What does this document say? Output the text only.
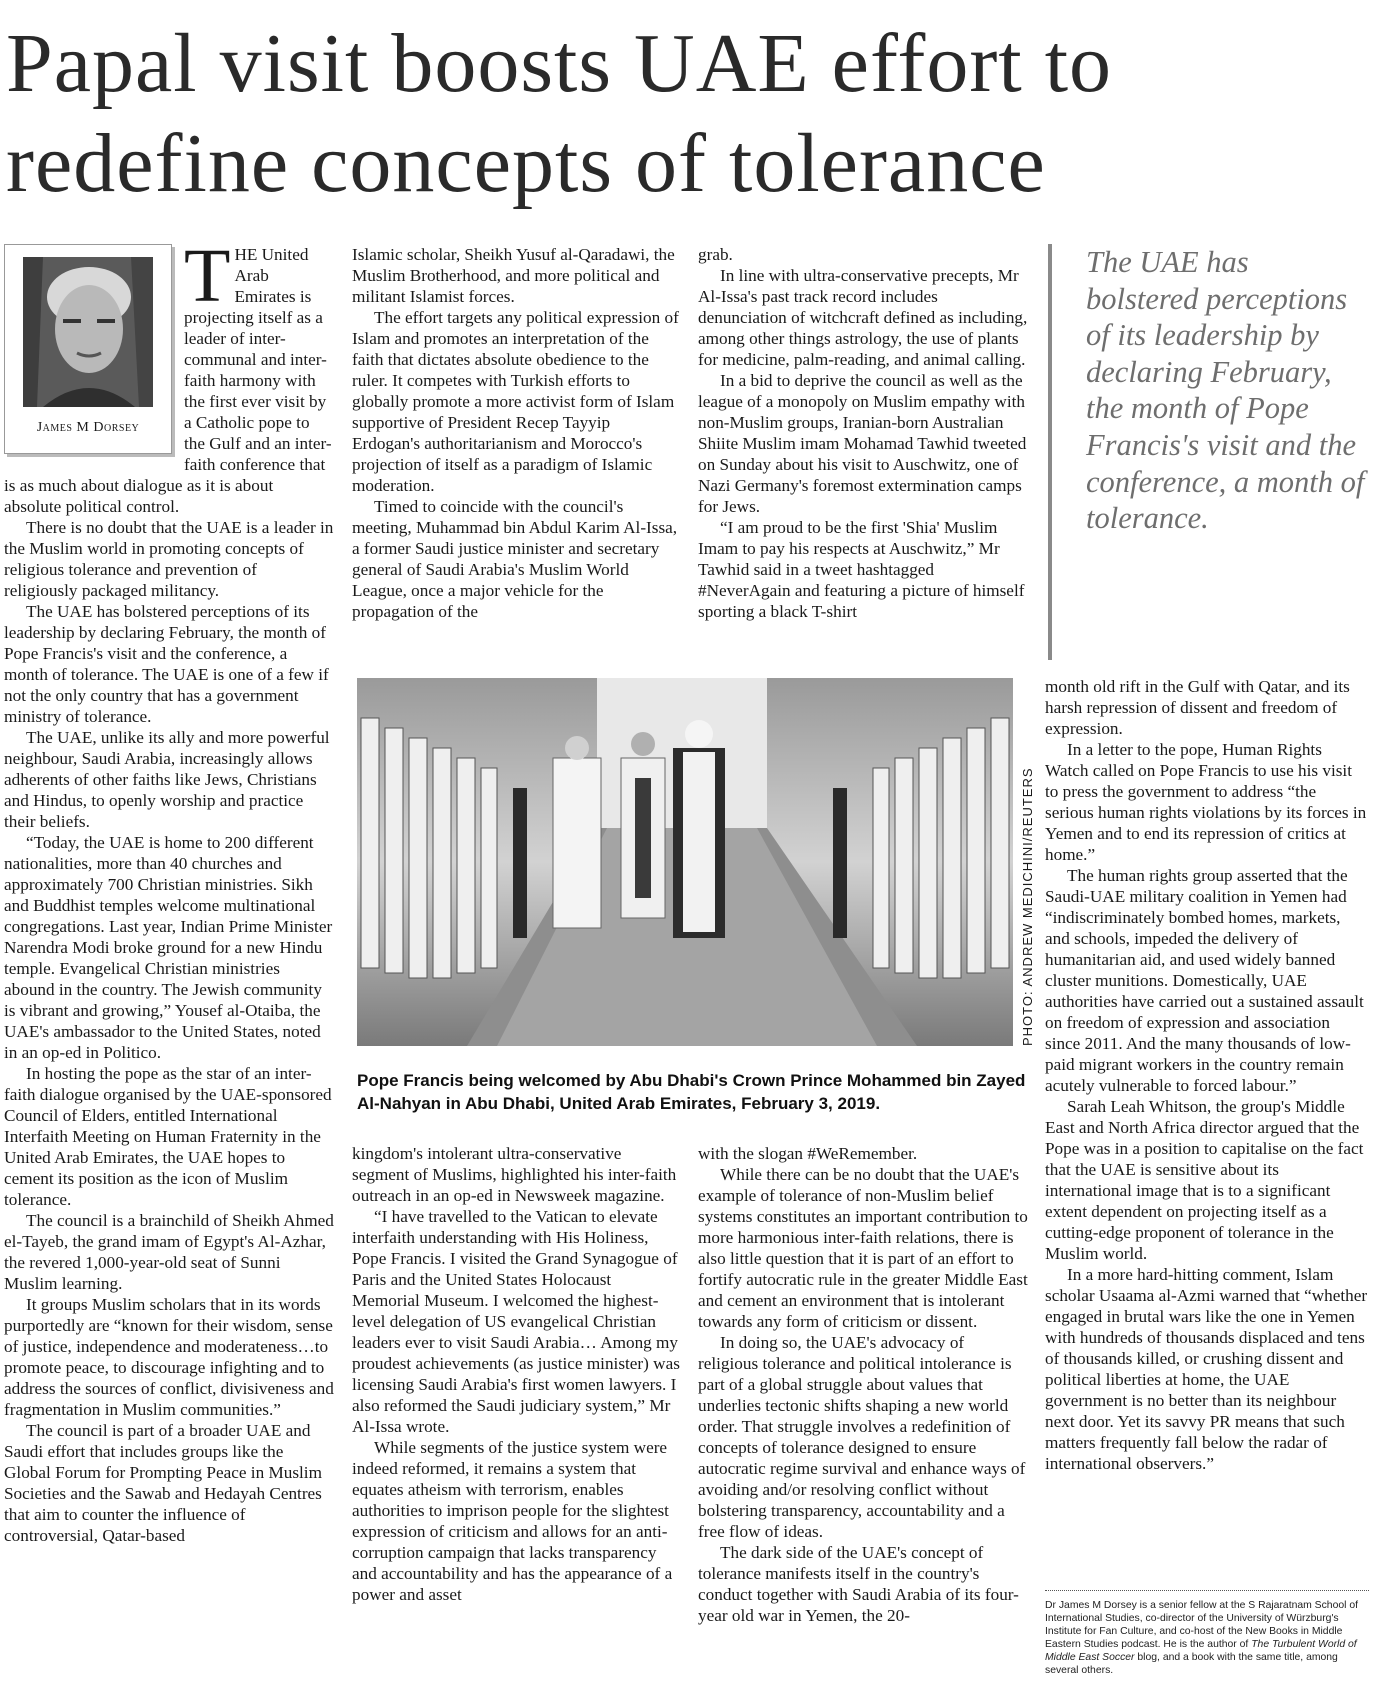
Papal visit boosts UAE effort to redefine concepts of tolerance
James M Dorsey
T HE United Arab Emirates is projecting itself as a leader of inter-communal and inter-faith harmony with the first ever visit by a Catholic pope to the Gulf and an inter-faith conference that is as much about dialogue as it is about absolute political control.

There is no doubt that the UAE is a leader in the Muslim world in promoting concepts of religious tolerance and prevention of religiously packaged militancy.

The UAE has bolstered perceptions of its leadership by declaring February, the month of Pope Francis's visit and the conference, a month of tolerance. The UAE is one of a few if not the only country that has a government ministry of tolerance.

The UAE, unlike its ally and more powerful neighbour, Saudi Arabia, increasingly allows adherents of other faiths like Jews, Christians and Hindus, to openly worship and practice their beliefs.

“Today, the UAE is home to 200 different nationalities, more than 40 churches and approximately 700 Christian ministries. Sikh and Buddhist temples welcome multinational congregations. Last year, Indian Prime Minister Narendra Modi broke ground for a new Hindu temple. Evangelical Christian ministries abound in the country. The Jewish community is vibrant and growing,” Yousef al-Otaiba, the UAE's ambassador to the United States, noted in an op-ed in Politico.

In hosting the pope as the star of an inter-faith dialogue organised by the UAE-sponsored Council of Elders, entitled International Interfaith Meeting on Human Fraternity in the United Arab Emirates, the UAE hopes to cement its position as the icon of Muslim tolerance.

The council is a brainchild of Sheikh Ahmed el-Tayeb, the grand imam of Egypt's Al-Azhar, the revered 1,000-year-old seat of Sunni Muslim learning.

It groups Muslim scholars that in its words purportedly are “known for their wisdom, sense of justice, independence and moderateness…to promote peace, to discourage infighting and to address the sources of conflict, divisiveness and fragmentation in Muslim communities.”

The council is part of a broader UAE and Saudi effort that includes groups like the Global Forum for Prompting Peace in Muslim Societies and the Sawab and Hedayah Centres that aim to counter the influence of controversial, Qatar-based

Islamic scholar, Sheikh Yusuf al-Qaradawi, the Muslim Brotherhood, and more political and militant Islamist forces.

The effort targets any political expression of Islam and promotes an interpretation of the faith that dictates absolute obedience to the ruler. It competes with Turkish efforts to globally promote a more activist form of Islam supportive of President Recep Tayyip Erdogan's authoritarianism and Morocco's projection of itself as a paradigm of Islamic moderation.

Timed to coincide with the council's meeting, Muhammad bin Abdul Karim Al-Issa, a former Saudi justice minister and secretary general of Saudi Arabia's Muslim World League, once a major vehicle for the propagation of the

grab.

In line with ultra-conservative precepts, Mr Al-Issa's past track record includes denunciation of witchcraft defined as including, among other things astrology, the use of plants for medicine, palm-reading, and animal calling.

In a bid to deprive the council as well as the league of a monopoly on Muslim empathy with non-Muslim groups, Iranian-born Australian Shiite Muslim imam Mohamad Tawhid tweeted on Sunday about his visit to Auschwitz, one of Nazi Germany's foremost extermination camps for Jews.

“I am proud to be the first 'Shia' Muslim Imam to pay his respects at Auschwitz,” Mr Tawhid said in a tweet hashtagged #NeverAgain and featuring a picture of himself sporting a black T-shirt

The UAE has bolstered perceptions of its leadership by declaring February, the month of Pope Francis's visit and the conference, a month of tolerance.
PHOTO: ANDREW MEDICHINI/REUTERS
Pope Francis being welcomed by Abu Dhabi's Crown Prince Mohammed bin Zayed Al-Nahyan in Abu Dhabi, United Arab Emirates, February 3, 2019.

kingdom's intolerant ultra-conservative segment of Muslims, highlighted his inter-faith outreach in an op-ed in Newsweek magazine.

“I have travelled to the Vatican to elevate interfaith understanding with His Holiness, Pope Francis. I visited the Grand Synagogue of Paris and the United States Holocaust Memorial Museum. I welcomed the highest-level delegation of US evangelical Christian leaders ever to visit Saudi Arabia… Among my proudest achievements (as justice minister) was licensing Saudi Arabia's first women lawyers. I also reformed the Saudi judiciary system,” Mr Al-Issa wrote.

While segments of the justice system were indeed reformed, it remains a system that equates atheism with terrorism, enables authorities to imprison people for the slightest expression of criticism and allows for an anti-corruption campaign that lacks transparency and accountability and has the appearance of a power and asset

with the slogan #WeRemember.

While there can be no doubt that the UAE's example of tolerance of non-Muslim belief systems constitutes an important contribution to more harmonious inter-faith relations, there is also little question that it is part of an effort to fortify autocratic rule in the greater Middle East and cement an environment that is intolerant towards any form of criticism or dissent.

In doing so, the UAE's advocacy of religious tolerance and political intolerance is part of a global struggle about values that underlies tectonic shifts shaping a new world order. That struggle involves a redefinition of concepts of tolerance designed to ensure autocratic regime survival and enhance ways of avoiding and/or resolving conflict without bolstering transparency, accountability and a free flow of ideas.

The dark side of the UAE's concept of tolerance manifests itself in the country's conduct together with Saudi Arabia of its four-year old war in Yemen, the 20-

month old rift in the Gulf with Qatar, and its harsh repression of dissent and freedom of expression.

In a letter to the pope, Human Rights Watch called on Pope Francis to use his visit to press the government to address “the serious human rights violations by its forces in Yemen and to end its repression of critics at home.”

The human rights group asserted that the Saudi-UAE military coalition in Yemen had “indiscriminately bombed homes, markets, and schools, impeded the delivery of humanitarian aid, and used widely banned cluster munitions. Domestically, UAE authorities have carried out a sustained assault on freedom of expression and association since 2011. And the many thousands of low-paid migrant workers in the country remain acutely vulnerable to forced labour.”

Sarah Leah Whitson, the group's Middle East and North Africa director argued that the Pope was in a position to capitalise on the fact that the UAE is sensitive about its international image that is to a significant extent dependent on projecting itself as a cutting-edge proponent of tolerance in the Muslim world.

In a more hard-hitting comment, Islam scholar Usaama al-Azmi warned that “whether engaged in brutal wars like the one in Yemen with hundreds of thousands displaced and tens of thousands killed, or crushing dissent and political liberties at home, the UAE government is no better than its neighbour next door. Yet its savvy PR means that such matters frequently fall below the radar of international observers.”

Dr James M Dorsey is a senior fellow at the S Rajaratnam School of International Studies, co-director of the University of Würzburg's Institute for Fan Culture, and co-host of the New Books in Middle Eastern Studies podcast. He is the author of The Turbulent World of Middle East Soccer blog, and a book with the same title, among several others.
